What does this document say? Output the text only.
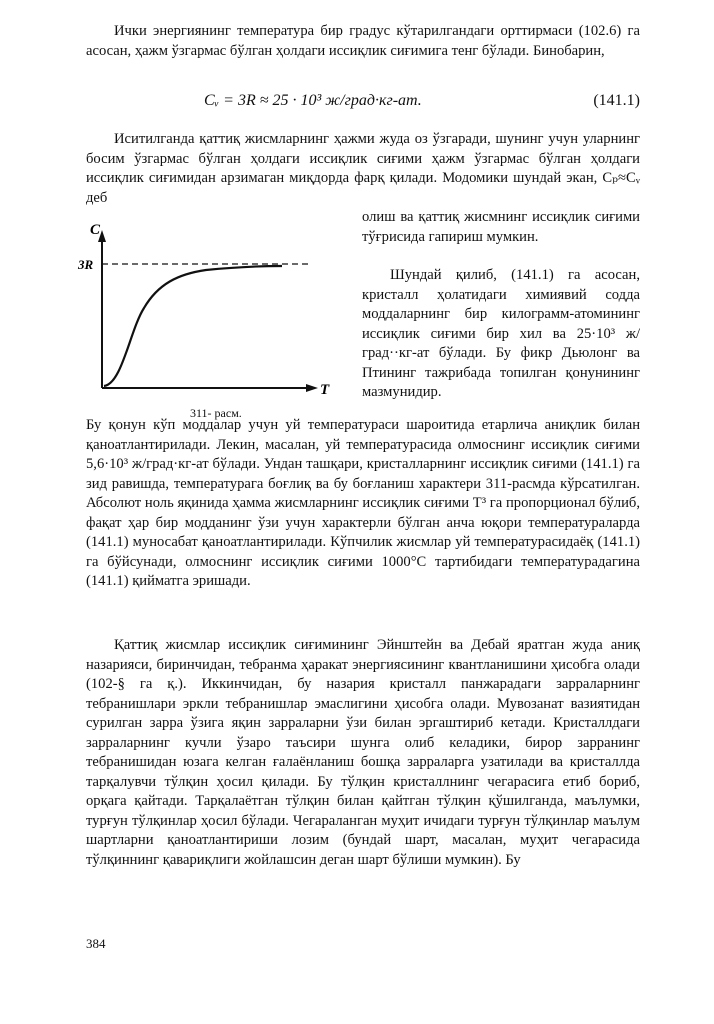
Ички энергиянинг температура бир градус кўтарилгандаги орттирмаси (102.6) га асосан, ҳажм ўзгармас бўлган ҳолдаги иссиқлик сиғимига тенг бўлади. Бинобарин,

Cᵥ = 3R ≈ 25 · 10³ ж/град·кг-ат.	(141.1)

Иситилганда қаттиқ жисмларнинг ҳажми жуда оз ўзгаради, шунинг учун уларнинг босим ўзгармас бўлган ҳолдаги иссиқлик сиғими ҳажм ўзгармас бўлган ҳолдаги иссиқлик сиғимидан арзимаган миқдорда фарқ қилади. Модомики шундай экан, Cₚ≈Cᵥ деб

олиш ва қаттиқ жисмнинг иссиқлик сиғими тўғрисида гапириш мумкин.

Шундай қилиб, (141.1) га асосан, кристалл ҳолатидаги химиявий содда моддаларнинг бир килограмм-атомининг иссиқлик сиғими бир хил ва 25·10³ ж/град··кг-ат бўлади. Бу фикр Дьюлонг ва Птининг тажрибада топилган қонунининг мазмунидир.

C
3R
T
311- расм.

Бу қонун кўп моддалар учун уй температураси шароитида етарлича аниқлик билан қаноатлантирилади. Лекин, масалан, уй температурасида олмоснинг иссиқлик сиғими 5,6·10³ ж/град·кг-ат бўлади. Ундан ташқари, кристалларнинг иссиқлик сиғими (141.1) га зид равишда, температурага боғлиқ ва бу боғланиш характери 311-расмда кўрсатилган. Абсолют ноль яқинида ҳамма жисмларнинг иссиқлик сиғими T³ га пропорционал бўлиб, фақат ҳар бир модданинг ўзи учун характерли бўлган анча юқори температураларда (141.1) муносабат қаноатлантирилади. Кўпчилик жисмлар уй температурасидаёқ (141.1) га бўйсунади, олмоснинг иссиқлик сиғими 1000°С тартибидаги температурадагина (141.1) қийматга эришади.

Қаттиқ жисмлар иссиқлик сиғимининг Эйнштейн ва Дебай яратган жуда аниқ назарияси, биринчидан, тебранма ҳаракат энергиясининг квантланишини ҳисобга олади (102-§ га қ.). Иккинчидан, бу назария кристалл панжарадаги зарраларнинг тебранишлари эркли тебранишлар эмаслигини ҳисобга олади. Мувозанат вазиятидан сурилган зарра ўзига яқин зарраларни ўзи билан эргаштириб кетади. Кристаллдаги зарраларнинг кучли ўзаро таъсири шунга олиб келадики, бирор зарранинг тебранишидан юзага келган ғалаёнланиш бошқа зарраларга узатилади ва кристаллда тарқалувчи тўлқин ҳосил қилади. Бу тўлқин кристаллнинг чегарасига етиб бориб, орқага қайтади. Тарқалаётган тўлқин билан қайтган тўлқин қўшилганда, маълумки, турғун тўлқинлар ҳосил бўлади. Чегараланган муҳит ичидаги турғун тўлқинлар маълум шартларни қаноатлантириши лозим (бундай шарт, масалан, муҳит чегарасида тўлқиннинг қавариқлиги жойлашсин деган шарт бўлиши мумкин). Бу

384
